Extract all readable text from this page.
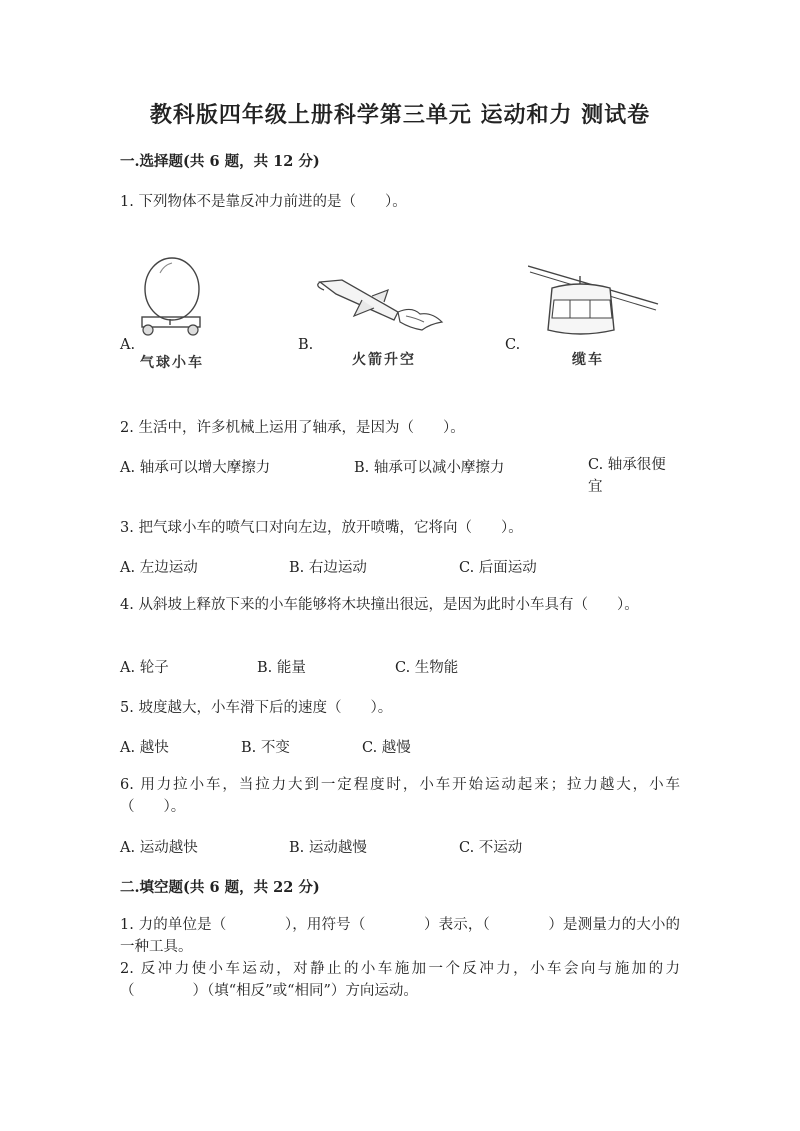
教科版四年级上册科学第三单元 运动和力 测试卷
一.选择题(共 6 题，共 12 分)
1. 下列物体不是靠反冲力前进的是（　　）。
A.
气球小车
B.
火箭升空
C.
缆车
2. 生活中，许多机械上运用了轴承，是因为（　　）。
A. 轴承可以增大摩擦力	B. 轴承可以减小摩擦力	C. 轴承很便宜
3. 把气球小车的喷气口对向左边，放开喷嘴，它将向（　　）。
A. 左边运动	B. 右边运动	C. 后面运动
4. 从斜坡上释放下来的小车能够将木块撞出很远，是因为此时小车具有（　　）。
A. 轮子	B. 能量	C. 生物能
5. 坡度越大，小车滑下后的速度（　　）。
A. 越快	B. 不变	C. 越慢
6. 用力拉小车，当拉力大到一定程度时，小车开始运动起来；拉力越大，小车（　　）。
A. 运动越快	B. 运动越慢	C. 不运动
二.填空题(共 6 题，共 22 分)
1. 力的单位是（　　　　），用符号（　　　　）表示，（　　　　）是测量力的大小的一种工具。
2. 反冲力使小车运动，对静止的小车施加一个反冲力，小车会向与施加的力（　　　　）（填“相反”或“相同”）方向运动。
